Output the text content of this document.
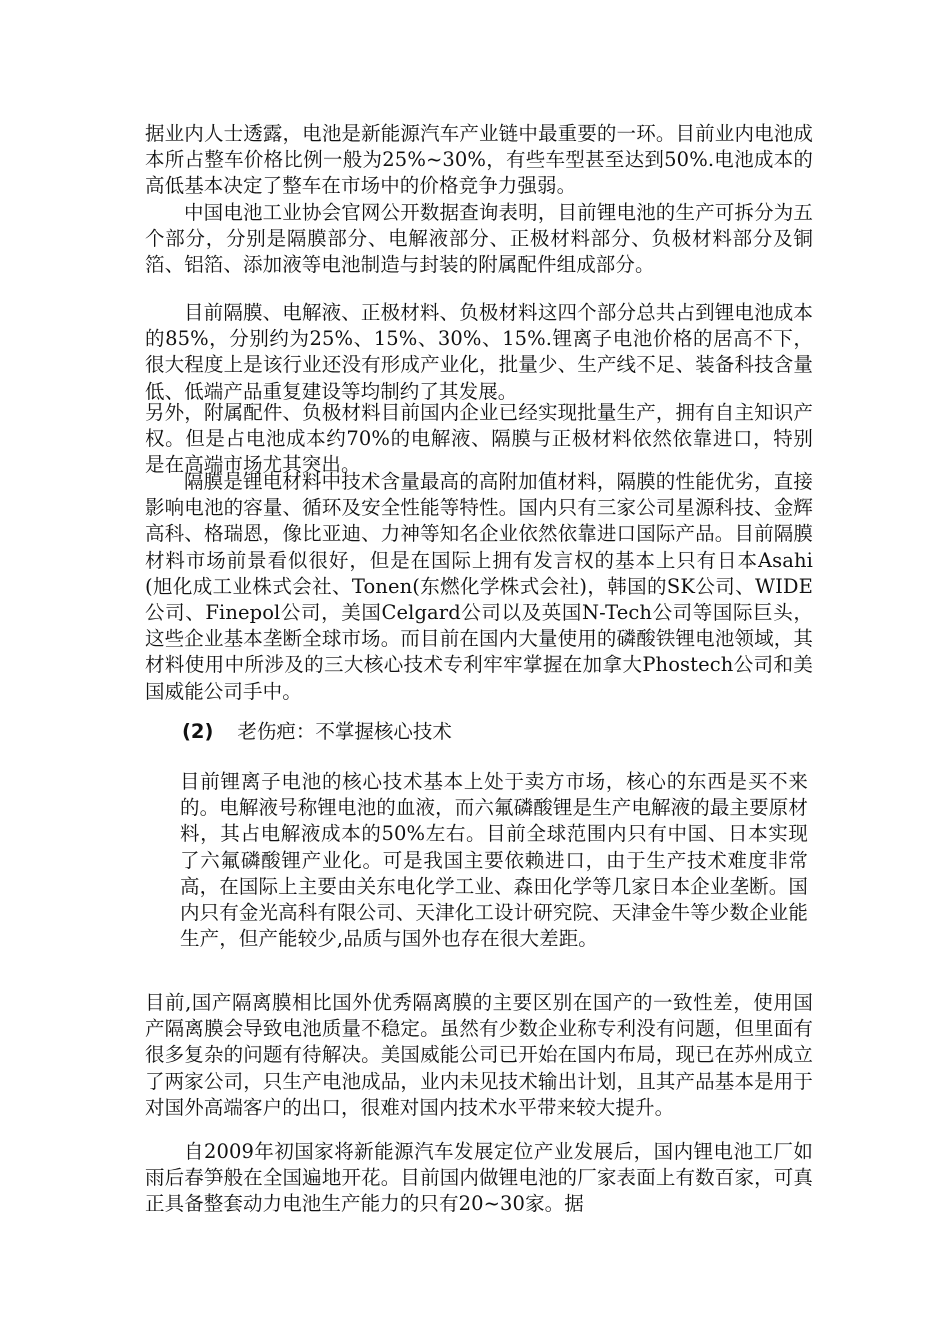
据业内人士透露，电池是新能源汽车产业链中最重要的一环。目前业内电池成本所占整车价格比例一般为25%~30%，有些车型甚至达到50%.电池成本的高低基本决定了整车在市场中的价格竞争力强弱。

中国电池工业协会官网公开数据查询表明，目前锂电池的生产可拆分为五个部分，分别是隔膜部分、电解液部分、正极材料部分、负极材料部分及铜箔、铝箔、添加液等电池制造与封装的附属配件组成部分。

目前隔膜、电解液、正极材料、负极材料这四个部分总共占到锂电池成本的85%，分别约为25%、15%、30%、15%.锂离子电池价格的居高不下，很大程度上是该行业还没有形成产业化，批量少、生产线不足、装备科技含量低、低端产品重复建设等均制约了其发展。

另外，附属配件、负极材料目前国内企业已经实现批量生产，拥有自主知识产权。但是占电池成本约70%的电解液、隔膜与正极材料依然依靠进口，特别是在高端市场尤其突出。

隔膜是锂电材料中技术含量最高的高附加值材料，隔膜的性能优劣，直接影响电池的容量、循环及安全性能等特性。国内只有三家公司星源科技、金辉高科、格瑞恩，像比亚迪、力神等知名企业依然依靠进口国际产品。目前隔膜材料市场前景看似很好，但是在国际上拥有发言权的基本上只有日本Asahi(旭化成工业株式会社、Tonen(东燃化学株式会社)，韩国的SK公司、WIDE公司、Finepol公司，美国Celgard公司以及英国N-Tech公司等国际巨头，这些企业基本垄断全球市场。而目前在国内大量使用的磷酸铁锂电池领域，其材料使用中所涉及的三大核心技术专利牢牢掌握在加拿大Phostech公司和美国威能公司手中。

(2) 老伤疤：不掌握核心技术

目前锂离子电池的核心技术基本上处于卖方市场，核心的东西是买不来的。电解液号称锂电池的血液，而六氟磷酸锂是生产电解液的最主要原材料，其占电解液成本的50%左右。目前全球范围内只有中国、日本实现了六氟磷酸锂产业化。可是我国主要依赖进口，由于生产技术难度非常高，在国际上主要由关东电化学工业、森田化学等几家日本企业垄断。国内只有金光高科有限公司、天津化工设计研究院、天津金牛等少数企业能生产，但产能较少,品质与国外也存在很大差距。

目前,国产隔离膜相比国外优秀隔离膜的主要区别在国产的一致性差，使用国产隔离膜会导致电池质量不稳定。虽然有少数企业称专利没有问题，但里面有很多复杂的问题有待解决。美国威能公司已开始在国内布局，现已在苏州成立了两家公司，只生产电池成品，业内未见技术输出计划，且其产品基本是用于对国外高端客户的出口，很难对国内技术水平带来较大提升。

自2009年初国家将新能源汽车发展定位产业发展后，国内锂电池工厂如雨后春笋般在全国遍地开花。目前国内做锂电池的厂家表面上有数百家，可真正具备整套动力电池生产能力的只有20~30家。据
